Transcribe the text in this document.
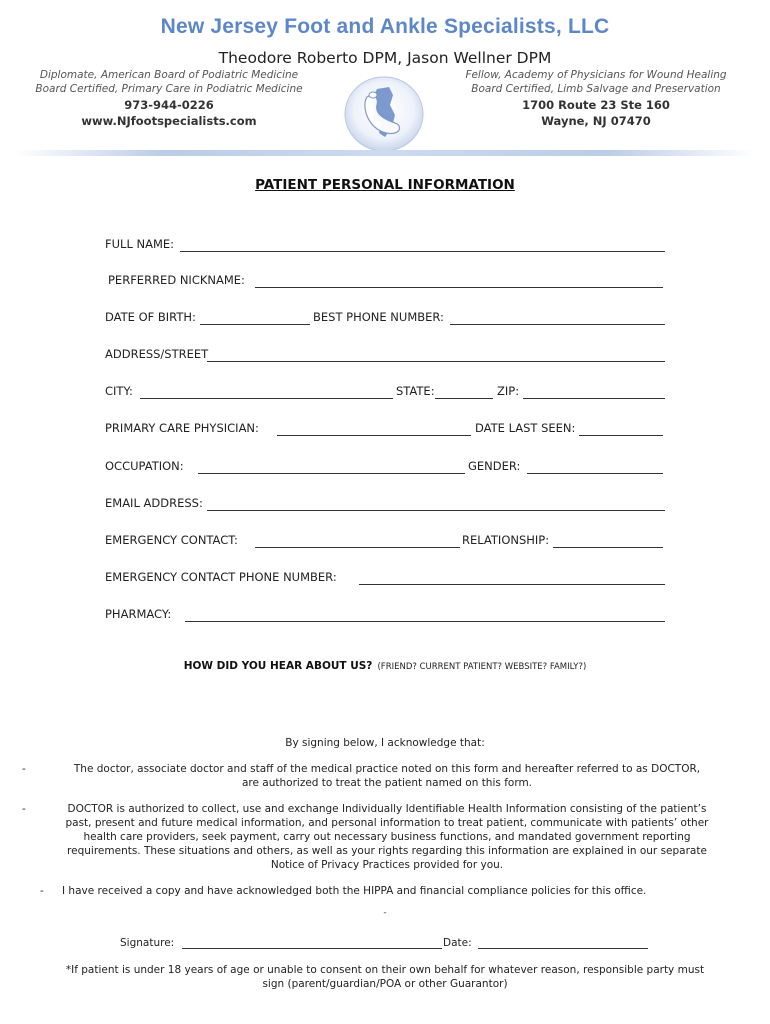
New Jersey Foot and Ankle Specialists, LLC
Theodore Roberto DPM, Jason Wellner DPM
Diplomate, American Board of Podiatric Medicine
Board Certified, Primary Care in Podiatric Medicine
973-944-0226
www.NJfootspecialists.com
Fellow, Academy of Physicians for Wound Healing
Board Certified, Limb Salvage and Preservation
1700 Route 23 Ste 160
Wayne, NJ 07470
PATIENT PERSONAL INFORMATION
FULL NAME:
PERFERRED NICKNAME:
DATE OF BIRTH:	BEST PHONE NUMBER:
ADDRESS/STREET
CITY:	STATE:	ZIP:
PRIMARY CARE PHYSICIAN:	DATE LAST SEEN:
OCCUPATION:	GENDER:
EMAIL ADDRESS:
EMERGENCY CONTACT:	RELATIONSHIP:
EMERGENCY CONTACT PHONE NUMBER:
PHARMACY:
HOW DID YOU HEAR ABOUT US? (FRIEND? CURRENT PATIENT? WEBSITE? FAMILY?)
By signing below, I acknowledge that:
-	The doctor, associate doctor and staff of the medical practice noted on this form and hereafter referred to as DOCTOR,
are authorized to treat the patient named on this form.
-	DOCTOR is authorized to collect, use and exchange Individually Identifiable Health Information consisting of the patient’s
past, present and future medical information, and personal information to treat patient, communicate with patients’ other
health care providers, seek payment, carry out necessary business functions, and mandated government reporting
requirements. These situations and others, as well as your rights regarding this information are explained in our separate
Notice of Privacy Practices provided for you.
- I have received a copy and have acknowledged both the HIPPA and financial compliance policies for this office.
-
Signature:	Date:
*If patient is under 18 years of age or unable to consent on their own behalf for whatever reason, responsible party must
sign (parent/guardian/POA or other Guarantor)
